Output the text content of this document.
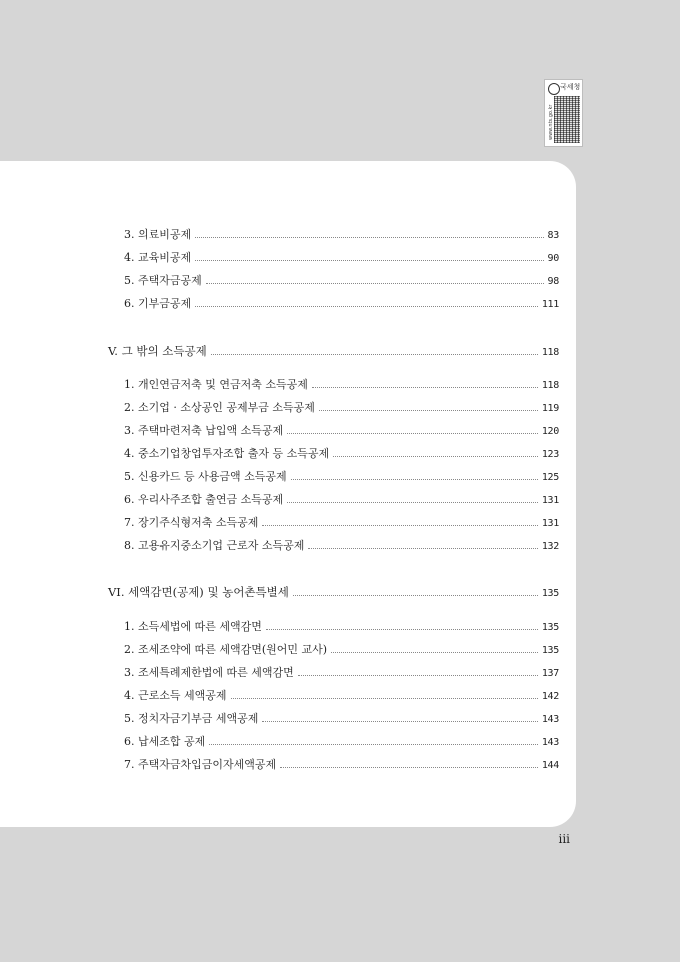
국세청
www.nts.go.kr
3. 의료비공제	83
4. 교육비공제	90
5. 주택자금공제	98
6. 기부금공제	111
V. 그 밖의 소득공제	118
1. 개인연금저축 및 연금저축 소득공제	118
2. 소기업 · 소상공인 공제부금 소득공제	119
3. 주택마련저축 납입액 소득공제	120
4. 중소기업창업투자조합 출자 등 소득공제	123
5. 신용카드 등 사용금액 소득공제	125
6. 우리사주조합 출연금 소득공제	131
7. 장기주식형저축 소득공제	131
8. 고용유지중소기업 근로자 소득공제	132
VI. 세액감면(공제) 및 농어촌특별세	135
1. 소득세법에 따른 세액감면	135
2. 조세조약에 따른 세액감면(원어민 교사)	135
3. 조세특례제한법에 따른 세액감면	137
4. 근로소득 세액공제	142
5. 정치자금기부금 세액공제	143
6. 납세조합 공제	143
7. 주택자금차입금이자세액공제	144
iii
